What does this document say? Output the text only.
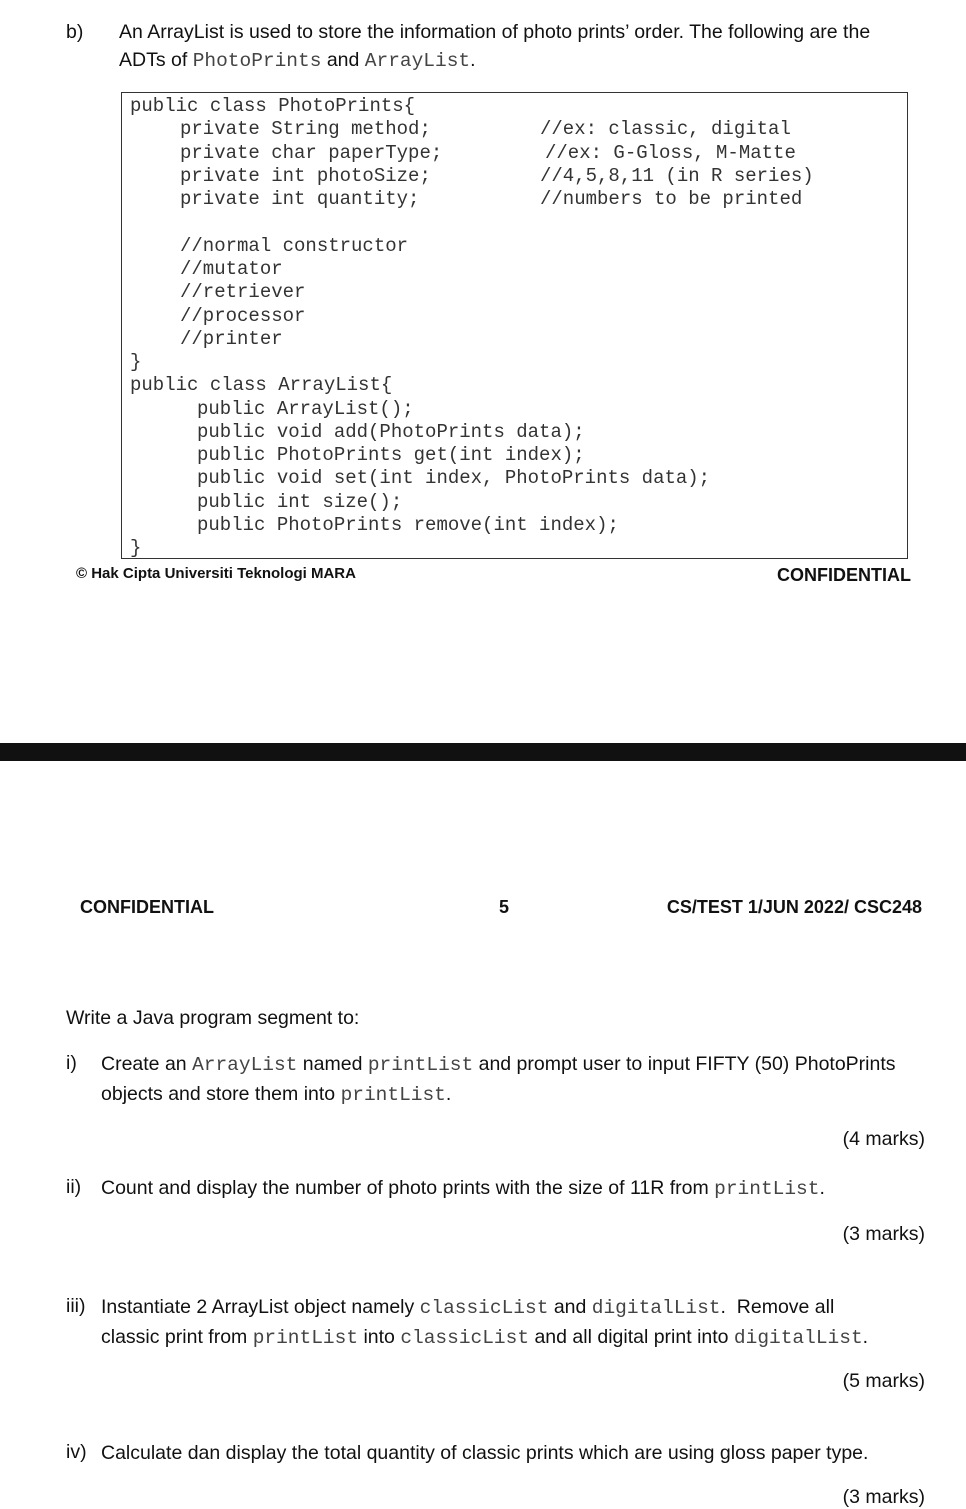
b) An ArrayList is used to store the information of photo prints’ order. The following are the
ADTs of PhotoPrints and ArrayList.
public class PhotoPrints{
private String method;	//ex: classic, digital
private char paperType;	//ex: G-Gloss, M-Matte
private int photoSize;	//4,5,8,11 (in R series)
private int quantity;	//numbers to be printed
//normal constructor
//mutator
//retriever
//processor
//printer
}
public class ArrayList{
public ArrayList();
public void add(PhotoPrints data);
public PhotoPrints get(int index);
public void set(int index, PhotoPrints data);
public int size();
public PhotoPrints remove(int index);
}
© Hak Cipta Universiti Teknologi MARA	CONFIDENTIAL
CONFIDENTIAL	5	CS/TEST 1/JUN 2022/ CSC248
Write a Java program segment to:
i) Create an ArrayList named printList and prompt user to input FIFTY (50) PhotoPrints
objects and store them into printList.
(4 marks)
ii) Count and display the number of photo prints with the size of 11R from printList.
(3 marks)
iii) Instantiate 2 ArrayList object namely classicList and digitalList.  Remove all
classic print from printList into classicList and all digital print into digitalList.
(5 marks)
iv) Calculate dan display the total quantity of classic prints which are using gloss paper type.
(3 marks)
